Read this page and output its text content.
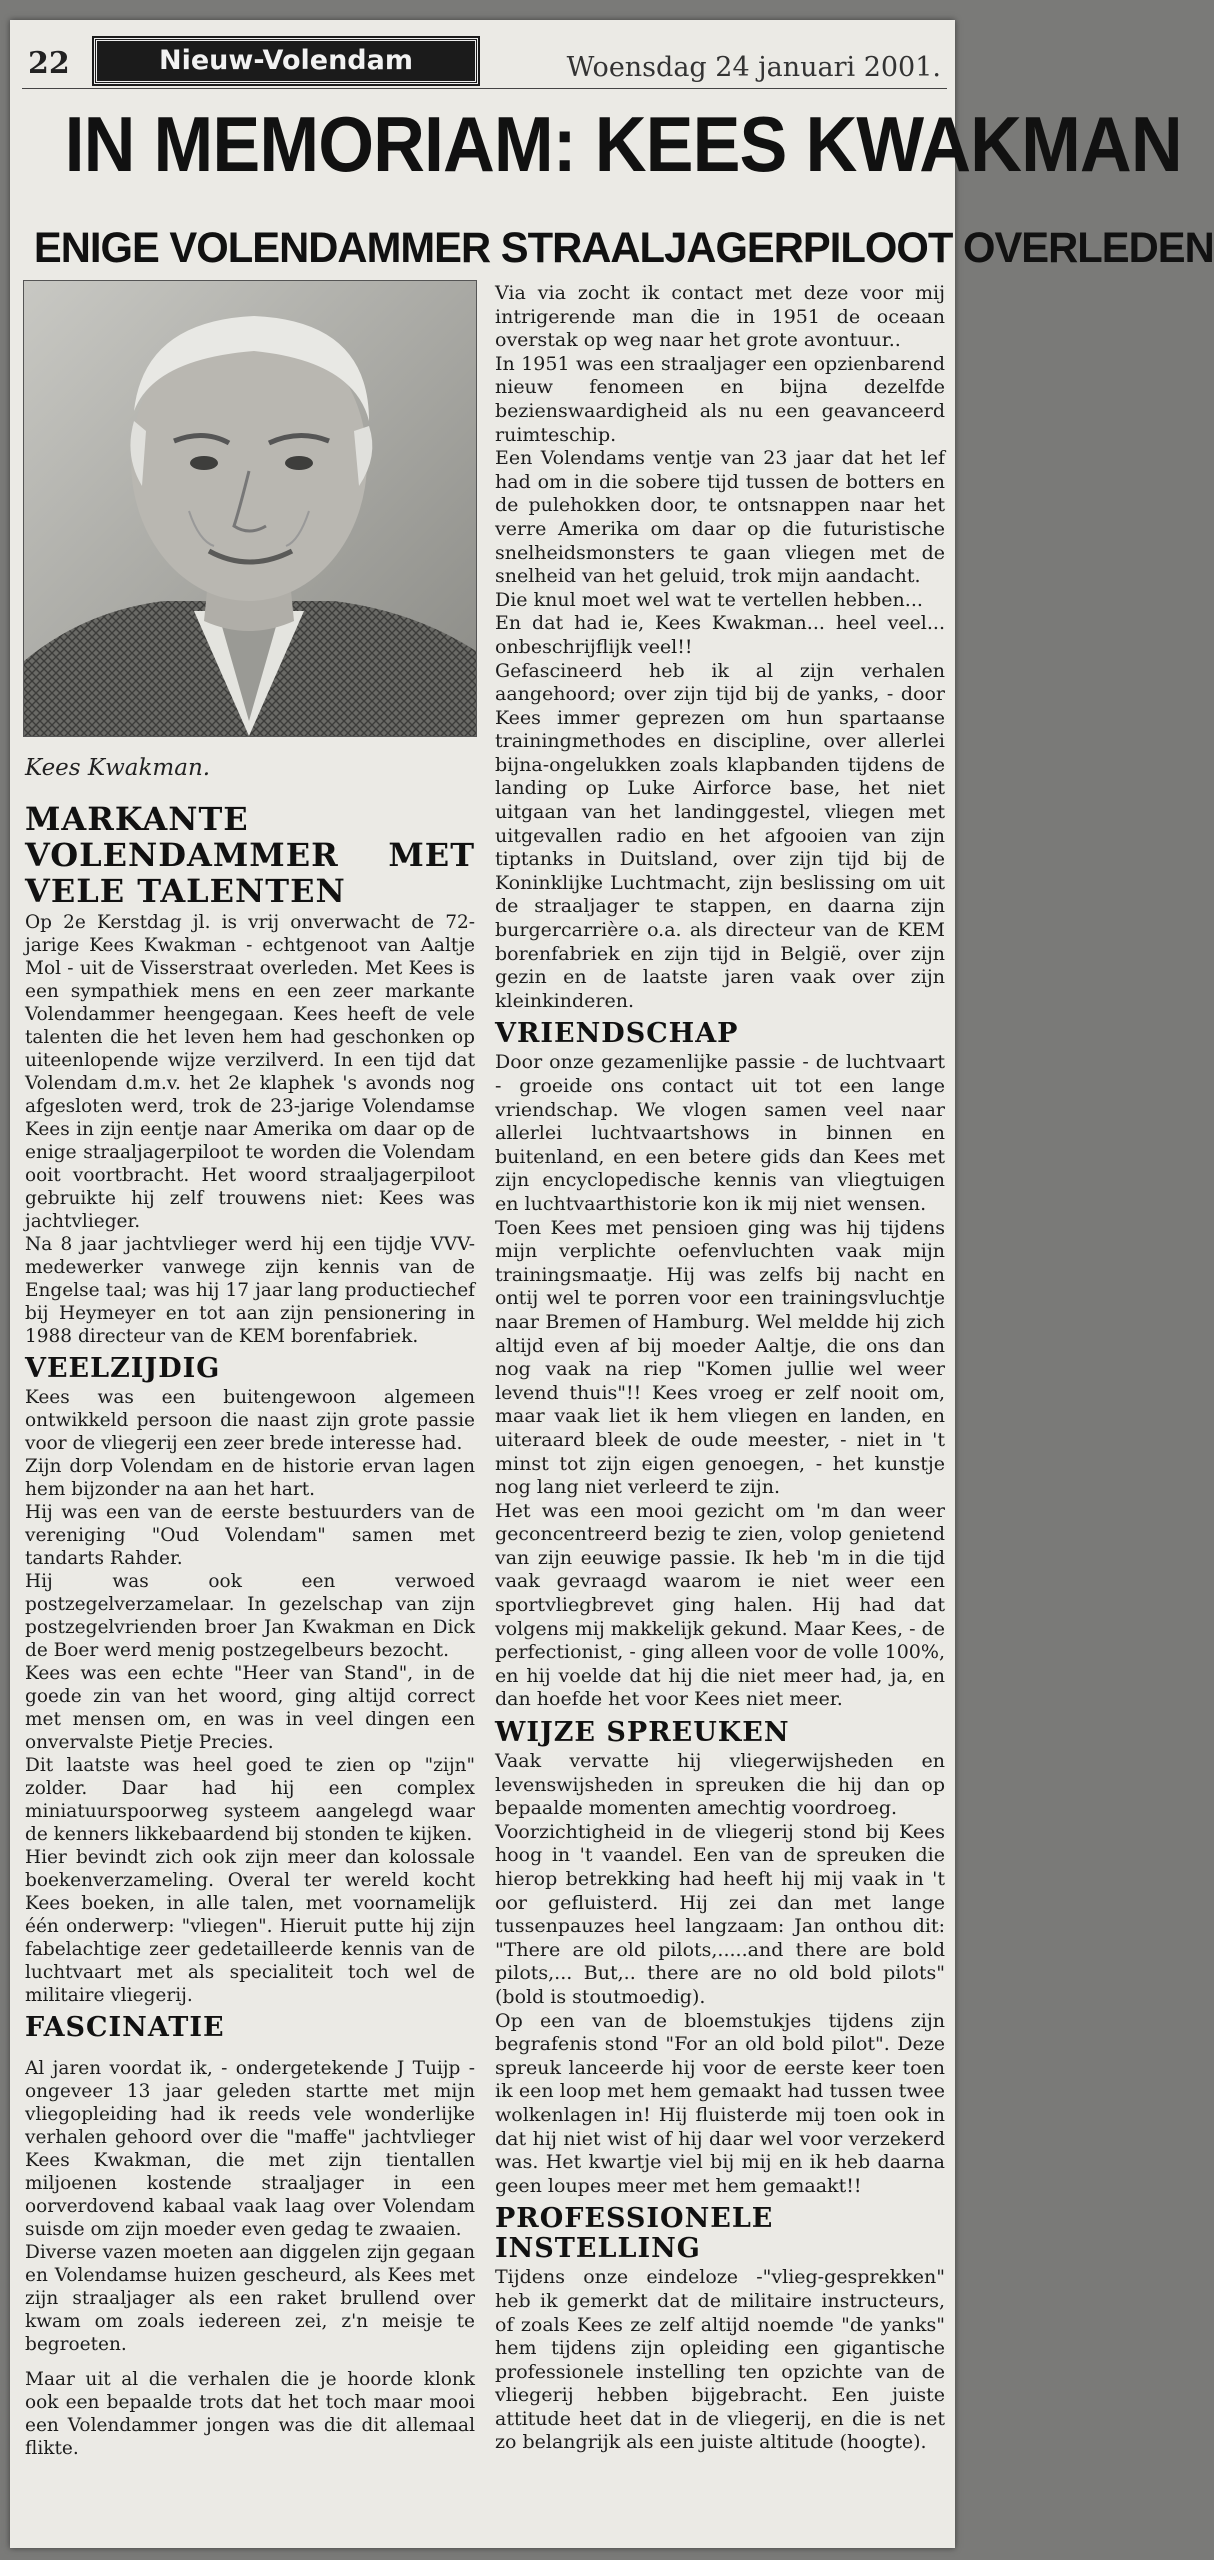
22	Nieuw-Volendam	Woensdag 24 januari 2001.
IN MEMORIAM: KEES KWAKMAN
ENIGE VOLENDAMMER STRAALJAGERPILOOT OVERLEDEN
Kees Kwakman.
MARKANTE VOLENDAMMER MET VELE TALENTEN

Op 2e Kerstdag jl. is vrij onverwacht de 72-jarige Kees Kwakman - echtgenoot van Aaltje Mol - uit de Visserstraat overleden. Met Kees is een sympathiek mens en een zeer markante Volendammer heengegaan. Kees heeft de vele talenten die het leven hem had geschonken op uiteenlopende wijze verzilverd. In een tijd dat Volendam d.m.v. het 2e klaphek 's avonds nog afgesloten werd, trok de 23-jarige Volendamse Kees in zijn eentje naar Amerika om daar op de enige straaljagerpiloot te worden die Volendam ooit voortbracht. Het woord straaljagerpiloot gebruikte hij zelf trouwens niet: Kees was jachtvlieger.

Na 8 jaar jachtvlieger werd hij een tijdje VVV-medewerker vanwege zijn kennis van de Engelse taal; was hij 17 jaar lang productiechef bij Heymeyer en tot aan zijn pensionering in 1988 directeur van de KEM borenfabriek.

VEELZIJDIG

Kees was een buitengewoon algemeen ontwikkeld persoon die naast zijn grote passie voor de vliegerij een zeer brede interesse had.

Zijn dorp Volendam en de historie ervan lagen hem bijzonder na aan het hart.

Hij was een van de eerste bestuurders van de vereniging "Oud Volendam" samen met tandarts Rahder.

Hij was ook een verwoed postzegelverzamelaar. In gezelschap van zijn postzegelvrienden broer Jan Kwakman en Dick de Boer werd menig postzegelbeurs bezocht.

Kees was een echte "Heer van Stand", in de goede zin van het woord, ging altijd correct met mensen om, en was in veel dingen een onvervalste Pietje Precies.

Dit laatste was heel goed te zien op "zijn" zolder. Daar had hij een complex miniatuurspoorweg systeem aangelegd waar de kenners likkebaardend bij stonden te kijken.

Hier bevindt zich ook zijn meer dan kolossale boekenverzameling. Overal ter wereld kocht Kees boeken, in alle talen, met voornamelijk één onderwerp: "vliegen". Hieruit putte hij zijn fabelachtige zeer gedetailleerde kennis van de luchtvaart met als specialiteit toch wel de militaire vliegerij.

FASCINATIE

Al jaren voordat ik, - ondergetekende J Tuijp - ongeveer 13 jaar geleden startte met mijn vliegopleiding had ik reeds vele wonderlijke verhalen gehoord over die "maffe" jachtvlieger Kees Kwakman, die met zijn tientallen miljoenen kostende straaljager in een oorverdovend kabaal vaak laag over Volendam suisde om zijn moeder even gedag te zwaaien.

Diverse vazen moeten aan diggelen zijn gegaan en Volendamse huizen gescheurd, als Kees met zijn straaljager als een raket brullend over kwam om zoals iedereen zei, z'n meisje te begroeten.

Maar uit al die verhalen die je hoorde klonk ook een bepaalde trots dat het toch maar mooi een Volendammer jongen was die dit allemaal flikte.

Via via zocht ik contact met deze voor mij intrigerende man die in 1951 de oceaan overstak op weg naar het grote avontuur..

In 1951 was een straaljager een opzienbarend nieuw fenomeen en bijna dezelfde bezienswaardigheid als nu een geavanceerd ruimteschip.

Een Volendams ventje van 23 jaar dat het lef had om in die sobere tijd tussen de botters en de pulehokken door, te ontsnappen naar het verre Amerika om daar op die futuristische snelheidsmonsters te gaan vliegen met de snelheid van het geluid, trok mijn aandacht.

Die knul moet wel wat te vertellen hebben...

En dat had ie, Kees Kwakman... heel veel... onbeschrijflijk veel!!

Gefascineerd heb ik al zijn verhalen aangehoord; over zijn tijd bij de yanks, - door Kees immer geprezen om hun spartaanse trainingmethodes en discipline, over allerlei bijna-ongelukken zoals klapbanden tijdens de landing op Luke Airforce base, het niet uitgaan van het landinggestel, vliegen met uitgevallen radio en het afgooien van zijn tiptanks in Duitsland, over zijn tijd bij de Koninklijke Luchtmacht, zijn beslissing om uit de straaljager te stappen, en daarna zijn burgercarrière o.a. als directeur van de KEM borenfabriek en zijn tijd in België, over zijn gezin en de laatste jaren vaak over zijn kleinkinderen.

VRIENDSCHAP

Door onze gezamenlijke passie - de luchtvaart - groeide ons contact uit tot een lange vriendschap. We vlogen samen veel naar allerlei luchtvaartshows in binnen en buitenland, en een betere gids dan Kees met zijn encyclopedische kennis van vliegtuigen en luchtvaarthistorie kon ik mij niet wensen.

Toen Kees met pensioen ging was hij tijdens mijn verplichte oefenvluchten vaak mijn trainingsmaatje. Hij was zelfs bij nacht en ontij wel te porren voor een trainingsvluchtje naar Bremen of Hamburg. Wel meldde hij zich altijd even af bij moeder Aaltje, die ons dan nog vaak na riep "Komen jullie wel weer levend thuis"!! Kees vroeg er zelf nooit om, maar vaak liet ik hem vliegen en landen, en uiteraard bleek de oude meester, - niet in 't minst tot zijn eigen genoegen, - het kunstje nog lang niet verleerd te zijn.

Het was een mooi gezicht om 'm dan weer geconcentreerd bezig te zien, volop genietend van zijn eeuwige passie. Ik heb 'm in die tijd vaak gevraagd waarom ie niet weer een sportvliegbrevet ging halen. Hij had dat volgens mij makkelijk gekund. Maar Kees, - de perfectionist, - ging alleen voor de volle 100%, en hij voelde dat hij die niet meer had, ja, en dan hoefde het voor Kees niet meer.

WIJZE SPREUKEN

Vaak vervatte hij vliegerwijsheden en levenswijsheden in spreuken die hij dan op bepaalde momenten amechtig voordroeg.

Voorzichtigheid in de vliegerij stond bij Kees hoog in 't vaandel. Een van de spreuken die hierop betrekking had heeft hij mij vaak in 't oor gefluisterd. Hij zei dan met lange tussenpauzes heel langzaam: Jan onthou dit: "There are old pilots,.....and there are bold pilots,... But,.. there are no old bold pilots" (bold is stoutmoedig).

Op een van de bloemstukjes tijdens zijn begrafenis stond "For an old bold pilot". Deze spreuk lanceerde hij voor de eerste keer toen ik een loop met hem gemaakt had tussen twee wolkenlagen in! Hij fluisterde mij toen ook in dat hij niet wist of hij daar wel voor verzekerd was. Het kwartje viel bij mij en ik heb daarna geen loupes meer met hem gemaakt!!

PROFESSIONELE INSTELLING

Tijdens onze eindeloze -"vlieg-gesprekken" heb ik gemerkt dat de militaire instructeurs, of zoals Kees ze zelf altijd noemde "de yanks" hem tijdens zijn opleiding een gigantische professionele instelling ten opzichte van de vliegerij hebben bijgebracht. Een juiste attitude heet dat in de vliegerij, en die is net zo belangrijk als een juiste altitude (hoogte).
